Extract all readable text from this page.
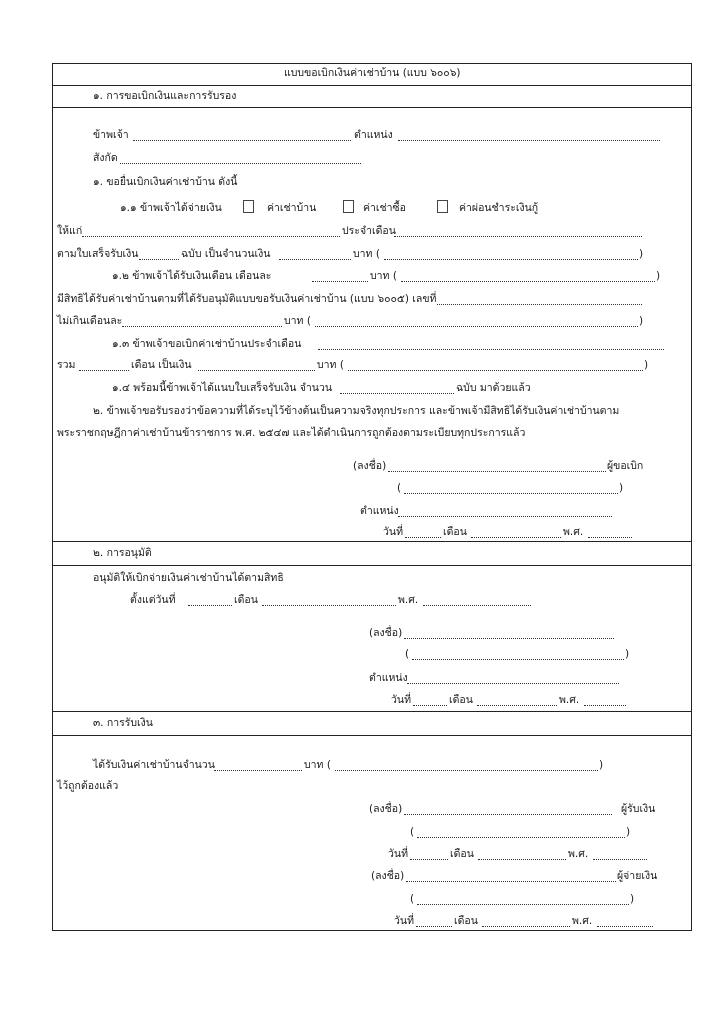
แบบขอเบิกเงินค่าเช่าบ้าน (แบบ ๖๐๐๖)
๑. การขอเบิกเงินและการรับรอง
ข้าพเจ้า	ตำแหน่ง
สังกัด
๑. ขอยื่นเบิกเงินค่าเช่าบ้าน ดังนี้
๑.๑ ข้าพเจ้าได้จ่ายเงิน	ค่าเช่าบ้าน	ค่าเช่าซื้อ	ค่าผ่อนชำระเงินกู้
ให้แก่	ประจำเดือน
ตามใบเสร็จรับเงิน	ฉบับ เป็นจำนวนเงิน	บาท (	)
๑.๒ ข้าพเจ้าได้รับเงินเดือน เดือนละ	บาท (	)
มีสิทธิได้รับค่าเช่าบ้านตามที่ได้รับอนุมัติแบบขอรับเงินค่าเช่าบ้าน (แบบ ๖๐๐๕) เลขที่
ไม่เกินเดือนละ	บาท (	)
๑.๓ ข้าพเจ้าขอเบิกค่าเช่าบ้านประจำเดือน
รวม	เดือน เป็นเงิน	บาท (	)
๑.๔ พร้อมนี้ข้าพเจ้าได้แนบใบเสร็จรับเงิน จำนวน	ฉบับ มาด้วยแล้ว
๒. ข้าพเจ้าขอรับรองว่าข้อความที่ได้ระบุไว้ข้างต้นเป็นความจริงทุกประการ และข้าพเจ้ามีสิทธิได้รับเงินค่าเช่าบ้านตาม
พระราชกฤษฎีกาค่าเช่าบ้านข้าราชการ พ.ศ. ๒๕๔๗ และได้ดำเนินการถูกต้องตามระเบียบทุกประการแล้ว
(ลงชื่อ)	ผู้ขอเบิก
(	)
ตำแหน่ง
วันที่	เดือน	พ.ศ.
๒. การอนุมัติ
อนุมัติให้เบิกจ่ายเงินค่าเช่าบ้านได้ตามสิทธิ
ตั้งแต่วันที่	เดือน	พ.ศ.
(ลงชื่อ)
(	)
ตำแหน่ง
วันที่	เดือน	พ.ศ.
๓. การรับเงิน
ได้รับเงินค่าเช่าบ้านจำนวน	บาท (	)
ไว้ถูกต้องแล้ว
(ลงชื่อ)	ผู้รับเงิน
(	)
วันที่	เดือน	พ.ศ.
(ลงชื่อ)	ผู้จ่ายเงิน
(	)
วันที่	เดือน	พ.ศ.
